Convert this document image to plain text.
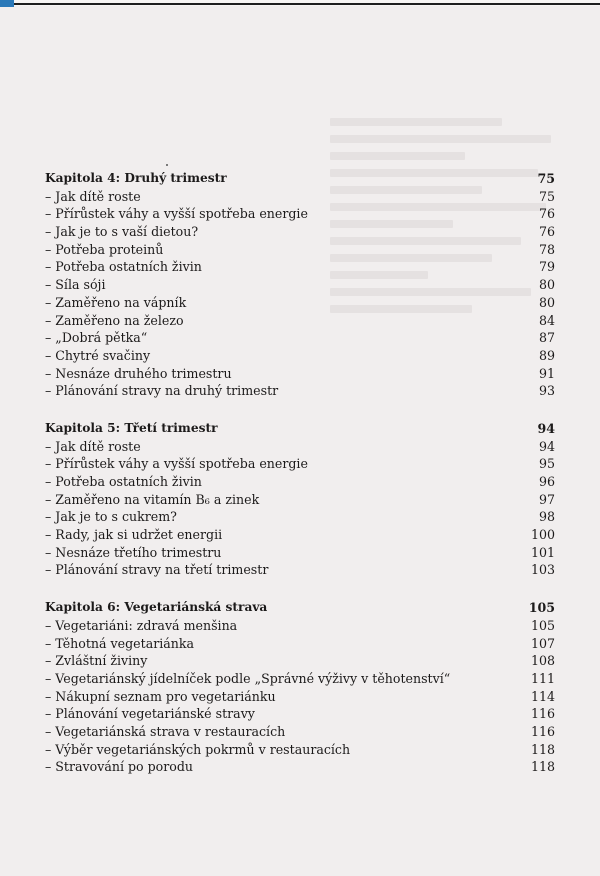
Kapitola 4: Druhý trimestr	75
– Jak dítě roste	75
– Přírůstek váhy a vyšší spotřeba energie	76
– Jak je to s vaší dietou?	76
– Potřeba proteinů	78
– Potřeba ostatních živin	79
– Síla sóji	80
– Zaměřeno na vápník	80
– Zaměřeno na železo	84
– „Dobrá pětka“	87
– Chytré svačiny	89
– Nesnáze druhého trimestru	91
– Plánování stravy na druhý trimestr	93
Kapitola 5: Třetí trimestr	94
– Jak dítě roste	94
– Přírůstek váhy a vyšší spotřeba energie	95
– Potřeba ostatních živin	96
– Zaměřeno na vitamín B₆ a zinek	97
– Jak je to s cukrem?	98
– Rady, jak si udržet energii	100
– Nesnáze třetího trimestru	101
– Plánování stravy na třetí trimestr	103
Kapitola 6: Vegetariánská strava	105
– Vegetariáni: zdravá menšina	105
– Těhotná vegetariánka	107
– Zvláštní živiny	108
– Vegetariánský jídelníček podle „Správné výživy v těhotenství“	111
– Nákupní seznam pro vegetariánku	114
– Plánování vegetariánské stravy	116
– Vegetariánská strava v restauracích	116
– Výběr vegetariánských pokrmů v restauracích	118
– Stravování po porodu	118
